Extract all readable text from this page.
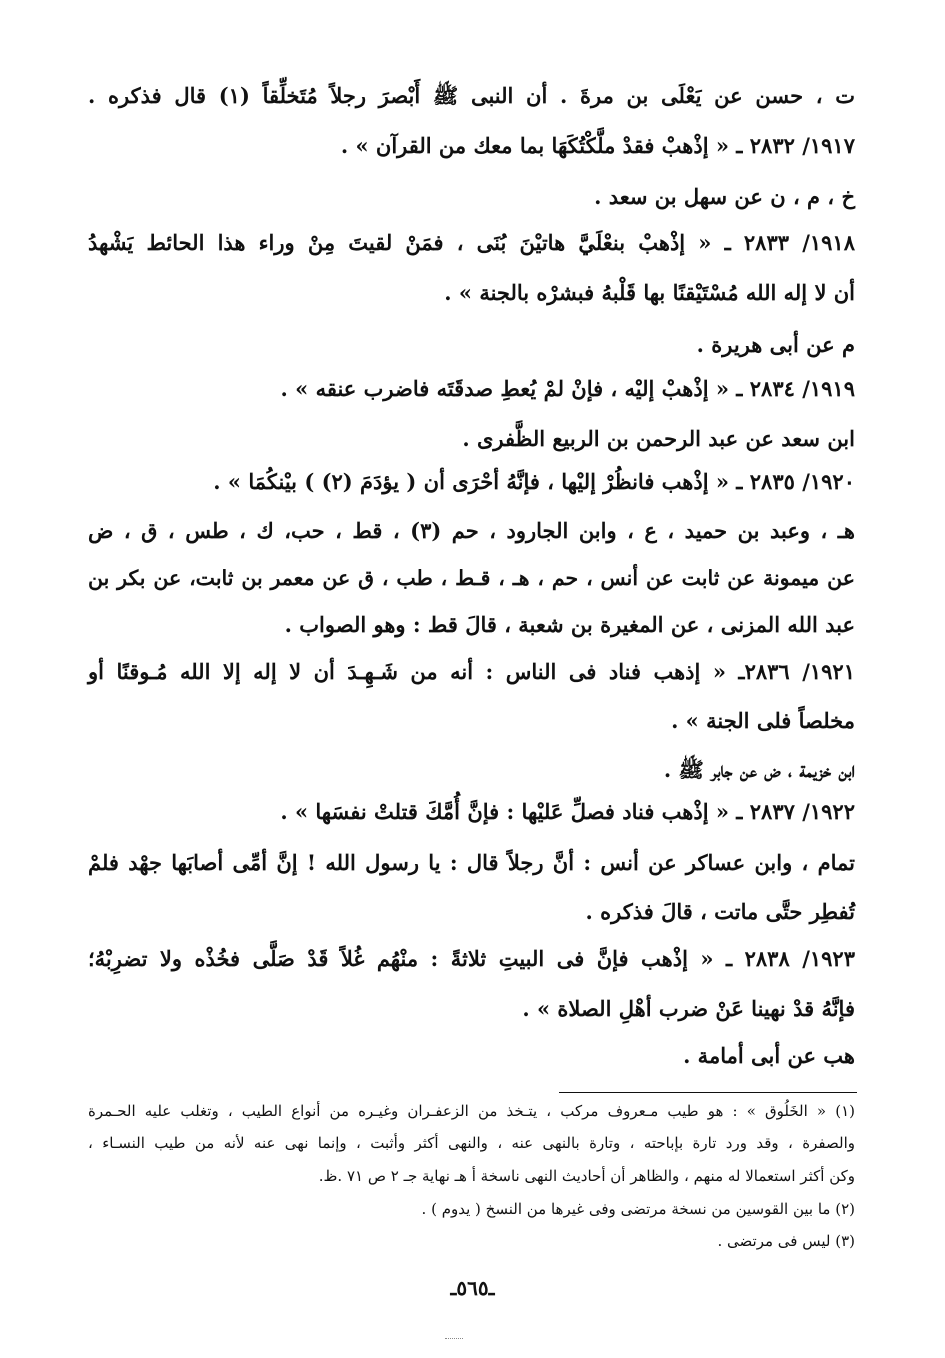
ت ، حسن عن يَعْلَى بن مرةَ . أن النبى ﷺ أَبْصرَ رجلاً مُتَخلِّقاً (١) قال فذكره .
١٩١٧/ ٢٨٣٢ ـ « إذْهبْ فقدْ ملَّكْتُكَهَا بما معك من القرآن » .
خ ، م ، ن عن سهل بن سعد .
١٩١٨/ ٢٨٣٣ ـ « إذْهبْ بنعْلَيَّ هاتيْنَ بُنَى ، فمَنْ لقيتَ مِنْ وراء هذا الحائط يَشْهدُ
أن لا إله الله مُسْتَيْقنًا بها قَلْبهُ فبشرْه بالجنة » .
م عن أبى هريرة .
١٩١٩/ ٢٨٣٤ ـ « إذْهبْ إليْه ، فإنْ لمْ يُعطِ صدقَتَه فاضرب عنقه » .
ابن سعد عن عبد الرحمن بن الربيع الظَّفرى .
١٩٢٠/ ٢٨٣٥ ـ « إذْهب فانظُرْ إليْها ، فإنَّهُ أحْرَى أن ( يؤدَمَ (٢) ) بيْنكُمَا » .
هـ ، وعبد بن حميد ، ع ، وابن الجارود ، حم (٣) ، قط ، حب، ك ، طس ، ق ، ض
عن ميمونة عن ثابت عن أنس ، حم ، هـ ، قـط ، طب ، ق عن معمر بن ثابت، عن بكر بن
عبد الله المزنى ، عن المغيرة بن شعبة ، قالَ قط : وهو الصواب .
١٩٢١/ ٢٨٣٦ـ « إذهب فناد فى الناس : أنه من شَـهِـدَ أن لا إله إلا الله مُـوقنًا أو
مخلصاً فلى الجنة » .
ابن خزيمة ، ض عن جابر ﷺ .
١٩٢٢/ ٢٨٣٧ ـ « إذْهب فناد فصلِّ عَليْها : فإنَّ أُمَّكَ قتلتْ نفسَها » .
تمام ، وابن عساكر عن أنس : أنَّ رجلاً قال : يا رسول الله ! إنَّ أمِّى أصابَها جهْد فلمْ
تُفطِر حتَّى ماتت ، قالَ فذكره .
١٩٢٣/ ٢٨٣٨ ـ « إذْهب فإنَّ فى البيتِ ثلاثةً : منْهُم غُلاً قَدْ صَلَّى فخُذْه ولا تضرِبْهُ؛
فإنَّهُ قدْ نهينا عَنْ ضرب أهْلِ الصلاة » .
هب عن أبى أمامة .
(١) « الخَلُوق » : هو طيب مـعروف مركب ، يتـخذ من الزعفـران وغيـره من أنواع الطيب ، وتغلب عليه الحـمرة
والصفرة ، وقد ورد تارة بإباحته ، وتارة بالنهى عنه ، والنهى أكثر وأثبت ، وإنما نهى عنه لأنه من طيب النسـاء ،
وكن أكثر استعمالا له منهم ، والظاهر أن أحاديث النهى ناسخة أ هـ نهاية جـ ٢ ص ٧١ .ظ.
(٢) ما بين القوسين من نسخة مرتضى وفى غيرها من النسخ ( يدوم ) .
(٣) ليس فى مرتضى .
ـ٥٦٥ـ
